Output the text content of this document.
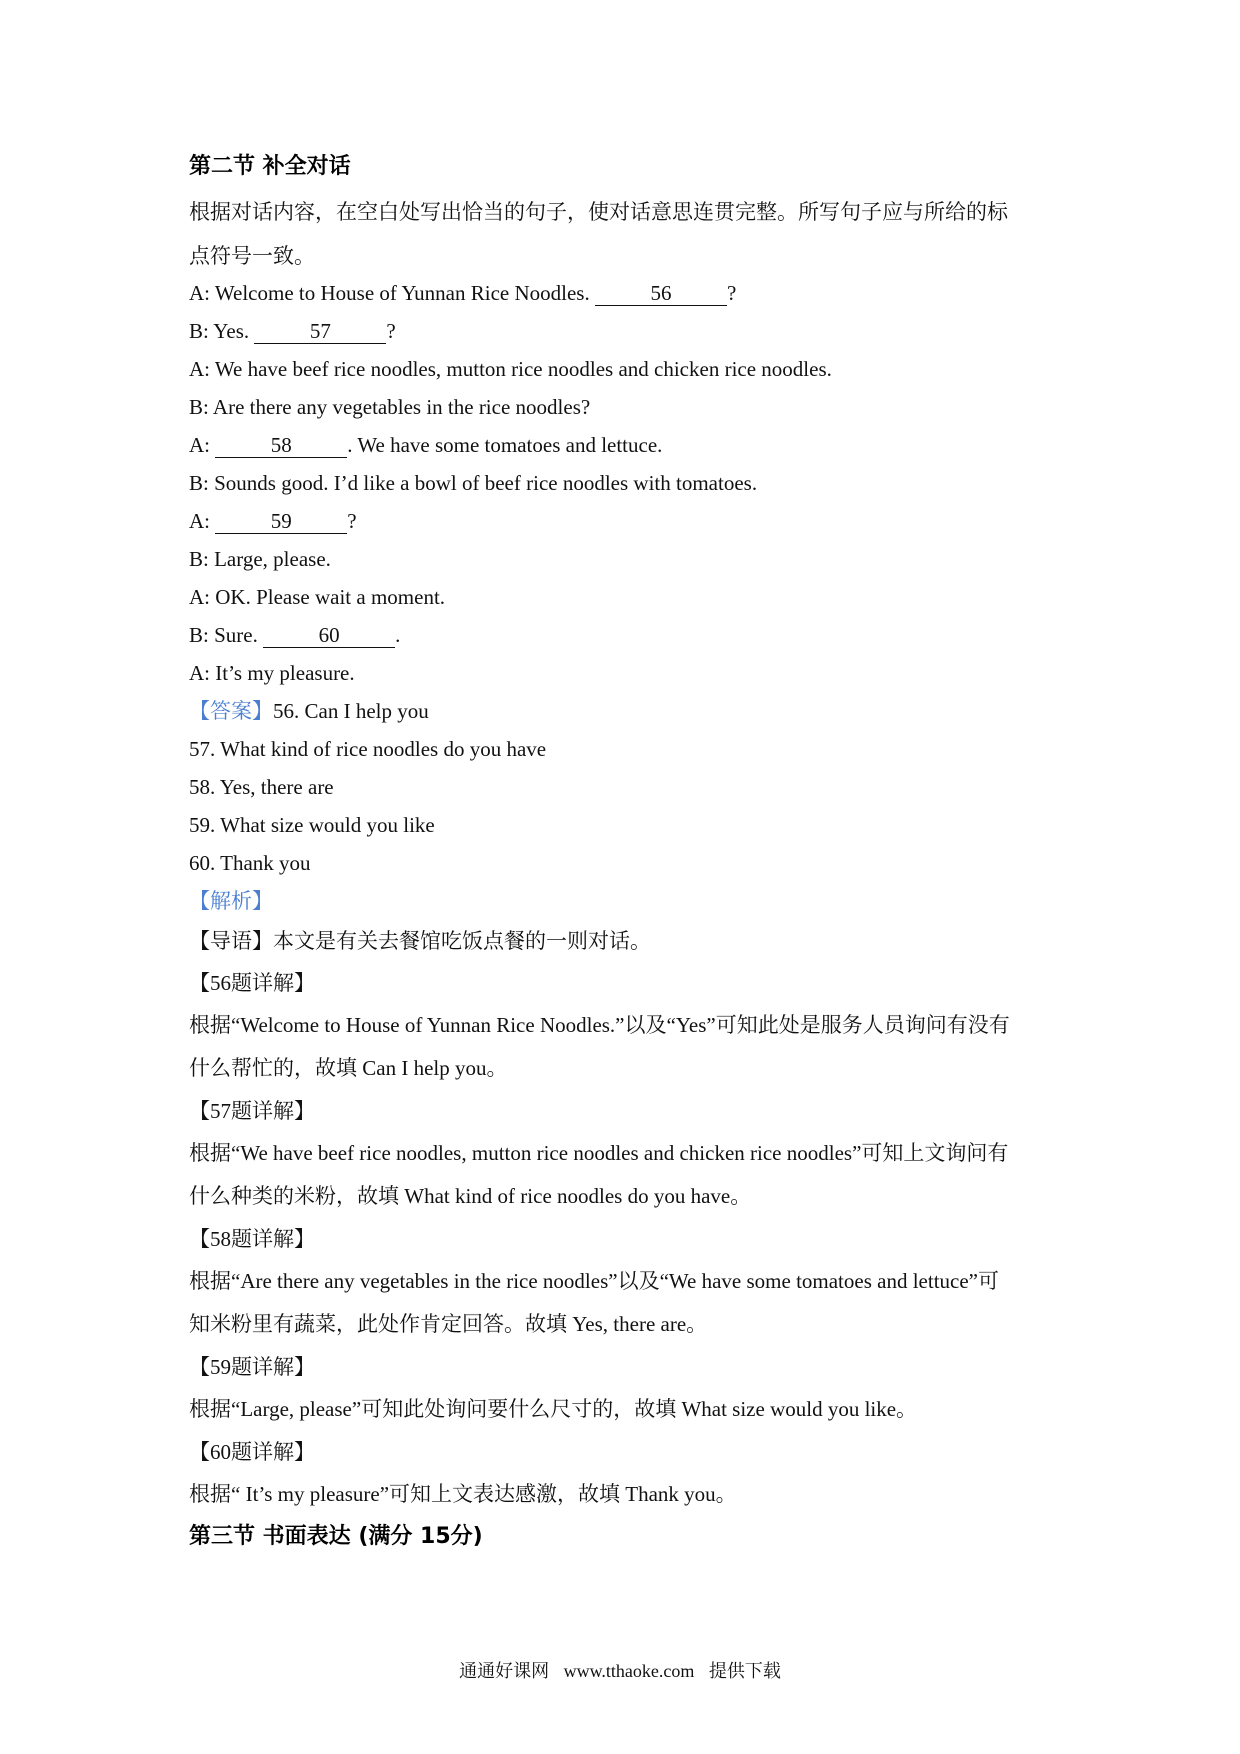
第二节 补全对话

根据对话内容，在空白处写出恰当的句子，使对话意思连贯完整。所写句子应与所给的标

点符号一致。

A: Welcome to House of Yunnan Rice Noodles.	56	?

B: Yes.	57	?

A: We have beef rice noodles, mutton rice noodles and chicken rice noodles.

B: Are there any vegetables in the rice noodles?

A:	58	. We have some tomatoes and lettuce.

B: Sounds good. I’d like a bowl of beef rice noodles with tomatoes.

A:	59	?

B: Large, please.

A: OK. Please wait a moment.

B: Sure.	60	.

A: It’s my pleasure.

【答案】56. Can I help you

57. What kind of rice noodles do you have

58. Yes, there are

59. What size would you like

60. Thank you

【解析】

【导语】本文是有关去餐馆吃饭点餐的一则对话。

【56题详解】

根据“Welcome to House of Yunnan Rice Noodles.”以及“Yes”可知此处是服务人员询问有没有

什么帮忙的，故填 Can I help you。

【57题详解】

根据“We have beef rice noodles, mutton rice noodles and chicken rice noodles”可知上文询问有

什么种类的米粉，故填 What kind of rice noodles do you have。

【58题详解】

根据“Are there any vegetables in the rice noodles”以及“We have some tomatoes and lettuce”可

知米粉里有蔬菜，此处作肯定回答。故填 Yes, there are。

【59题详解】

根据“Large, please”可知此处询问要什么尺寸的，故填 What size would you like。

【60题详解】

根据“ It’s my pleasure”可知上文表达感激，故填 Thank you。

第三节 书面表达 (满分 15分)
通通好课网 www.tthaoke.com 提供下载
